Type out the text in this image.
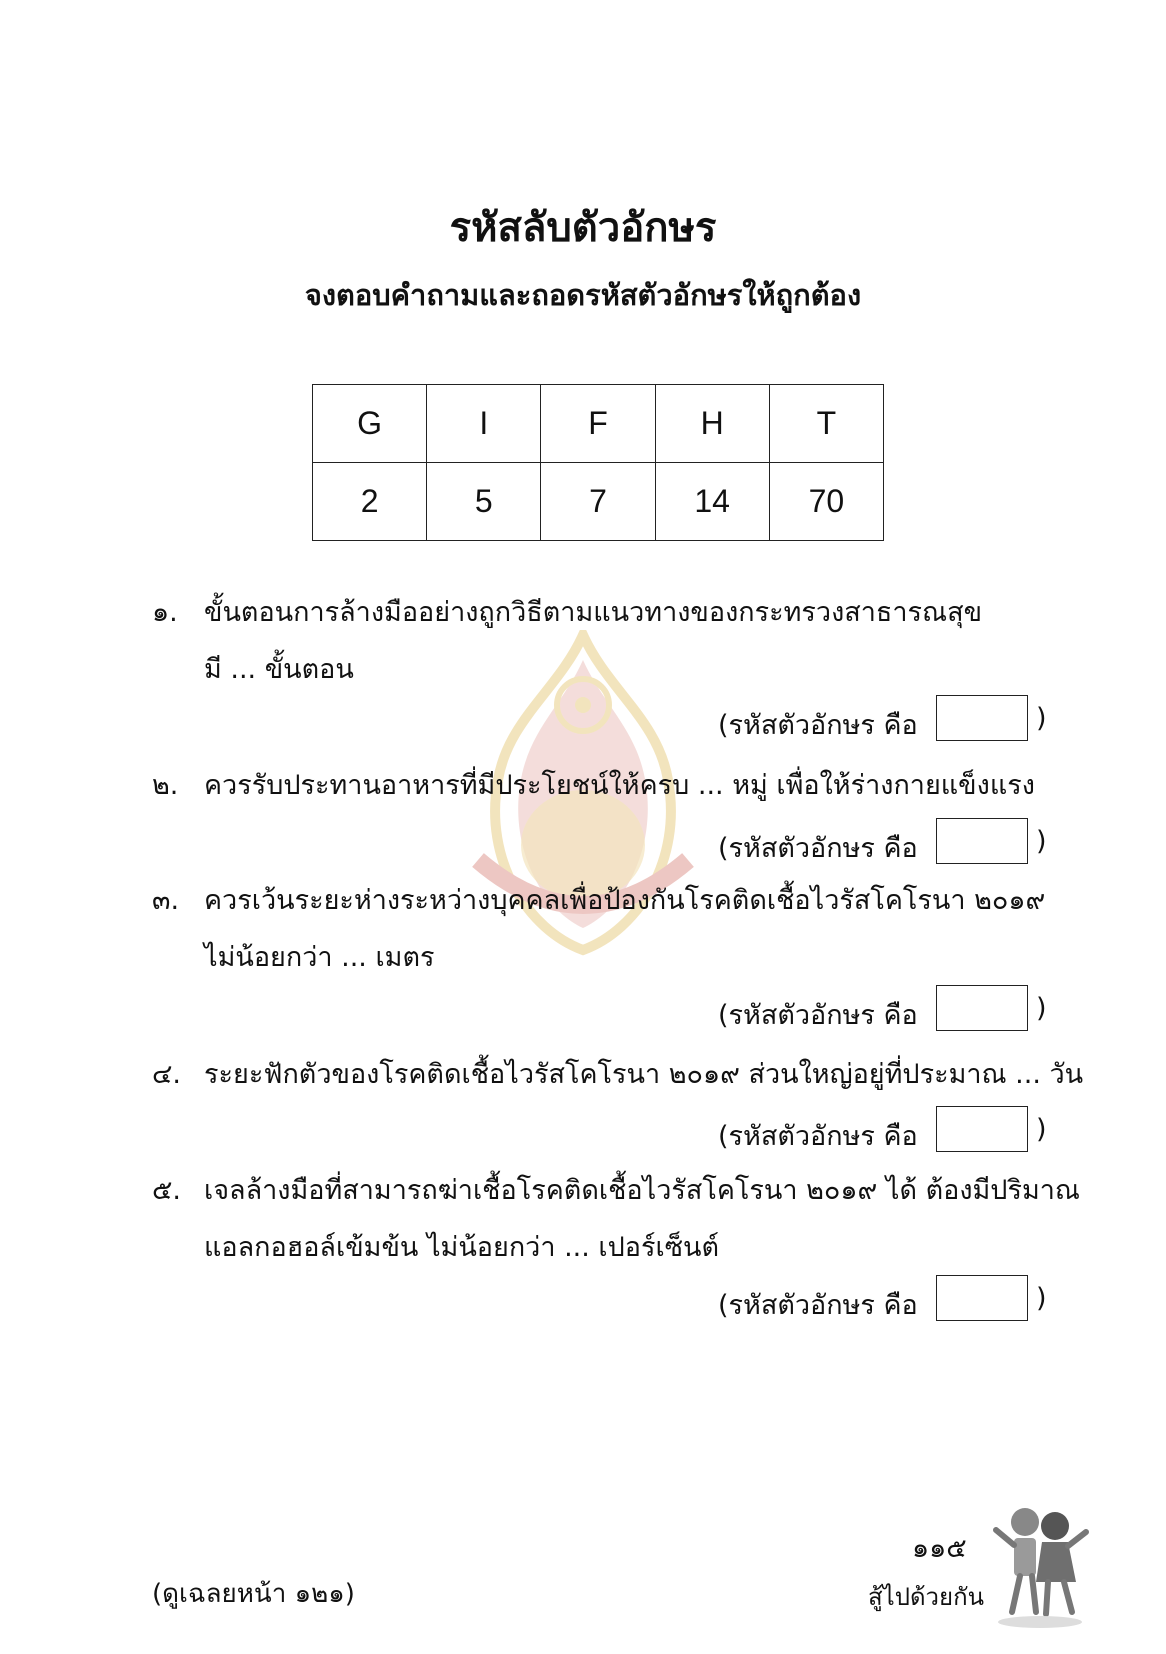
รหัสลับตัวอักษร
จงตอบคำถามและถอดรหัสตัวอักษรให้ถูกต้อง
G	I	F	H	T
2	5	7	14	70
๑. ขั้นตอนการล้างมืออย่างถูกวิธีตามแนวทางของกระทรวงสาธารณสุข
มี ... ขั้นตอน
(รหัสตัวอักษร คือ	)
๒. ควรรับประทานอาหารที่มีประโยชน์ให้ครบ ... หมู่ เพื่อให้ร่างกายแข็งแรง
(รหัสตัวอักษร คือ	)
๓. ควรเว้นระยะห่างระหว่างบุคคลเพื่อป้องกันโรคติดเชื้อไวรัสโคโรนา ๒๐๑๙
ไม่น้อยกว่า ... เมตร
(รหัสตัวอักษร คือ	)
๔. ระยะฟักตัวของโรคติดเชื้อไวรัสโคโรนา ๒๐๑๙ ส่วนใหญ่อยู่ที่ประมาณ ... วัน
(รหัสตัวอักษร คือ	)
๕. เจลล้างมือที่สามารถฆ่าเชื้อโรคติดเชื้อไวรัสโคโรนา ๒๐๑๙ ได้ ต้องมีปริมาณ
แอลกอฮอล์เข้มข้น ไม่น้อยกว่า ... เปอร์เซ็นต์
(รหัสตัวอักษร คือ	)
๑๑๕
สู้ไปด้วยกัน
(ดูเฉลยหน้า ๑๒๑)
